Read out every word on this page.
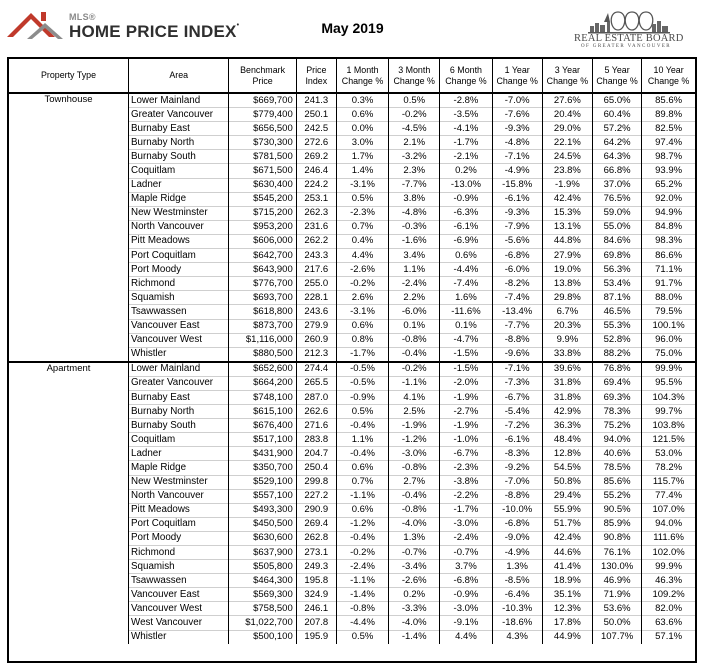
MLS®
HOME PRICE INDEX•	May 2019
REAL ESTATE BOARD
OF GREATER VANCOUVER
Property Type	Area	Benchmark Price	Price Index	1 Month Change %	3 Month Change %	6 Month Change %	1 Year Change %	3 Year Change %	5 Year Change %	10 Year Change %
Townhouse	Lower Mainland	$669,700	241.3	0.3%	0.5%	-2.8%	-7.0%	27.6%	65.0%	85.6%
	Greater Vancouver	$779,400	250.1	0.6%	-0.2%	-3.5%	-7.6%	20.4%	60.4%	89.8%
	Burnaby East	$656,500	242.5	0.0%	-4.5%	-4.1%	-9.3%	29.0%	57.2%	82.5%
	Burnaby North	$730,300	272.6	3.0%	2.1%	-1.7%	-4.8%	22.1%	64.2%	97.4%
	Burnaby South	$781,500	269.2	1.7%	-3.2%	-2.1%	-7.1%	24.5%	64.3%	98.7%
	Coquitlam	$671,500	246.4	1.4%	2.3%	0.2%	-4.9%	23.8%	66.8%	93.9%
	Ladner	$630,400	224.2	-3.1%	-7.7%	-13.0%	-15.8%	-1.9%	37.0%	65.2%
	Maple Ridge	$545,200	253.1	0.5%	3.8%	-0.9%	-6.1%	42.4%	76.5%	92.0%
	New Westminster	$715,200	262.3	-2.3%	-4.8%	-6.3%	-9.3%	15.3%	59.0%	94.9%
	North Vancouver	$953,200	231.6	0.7%	-0.3%	-6.1%	-7.9%	13.1%	55.0%	84.8%
	Pitt Meadows	$606,000	262.2	0.4%	-1.6%	-6.9%	-5.6%	44.8%	84.6%	98.3%
	Port Coquitlam	$642,700	243.3	4.4%	3.4%	0.6%	-6.8%	27.9%	69.8%	86.6%
	Port Moody	$643,900	217.6	-2.6%	1.1%	-4.4%	-6.0%	19.0%	56.3%	71.1%
	Richmond	$776,700	255.0	-0.2%	-2.4%	-7.4%	-8.2%	13.8%	53.4%	91.7%
	Squamish	$693,700	228.1	2.6%	2.2%	1.6%	-7.4%	29.8%	87.1%	88.0%
	Tsawwassen	$618,800	243.6	-3.1%	-6.0%	-11.6%	-13.4%	6.7%	46.5%	79.5%
	Vancouver East	$873,700	279.9	0.6%	0.1%	0.1%	-7.7%	20.3%	55.3%	100.1%
	Vancouver West	$1,116,000	260.9	0.8%	-0.8%	-4.7%	-8.8%	9.9%	52.8%	96.0%
	Whistler	$880,500	212.3	-1.7%	-0.4%	-1.5%	-9.6%	33.8%	88.2%	75.0%
Apartment	Lower Mainland	$652,600	274.4	-0.5%	-0.2%	-1.5%	-7.1%	39.6%	76.8%	99.9%
	Greater Vancouver	$664,200	265.5	-0.5%	-1.1%	-2.0%	-7.3%	31.8%	69.4%	95.5%
	Burnaby East	$748,100	287.0	-0.9%	4.1%	-1.9%	-6.7%	31.8%	69.3%	104.3%
	Burnaby North	$615,100	262.6	0.5%	2.5%	-2.7%	-5.4%	42.9%	78.3%	99.7%
	Burnaby South	$676,400	271.6	-0.4%	-1.9%	-1.9%	-7.2%	36.3%	75.2%	103.8%
	Coquitlam	$517,100	283.8	1.1%	-1.2%	-1.0%	-6.1%	48.4%	94.0%	121.5%
	Ladner	$431,900	204.7	-0.4%	-3.0%	-6.7%	-8.3%	12.8%	40.6%	53.0%
	Maple Ridge	$350,700	250.4	0.6%	-0.8%	-2.3%	-9.2%	54.5%	78.5%	78.2%
	New Westminster	$529,100	299.8	0.7%	2.7%	-3.8%	-7.0%	50.8%	85.6%	115.7%
	North Vancouver	$557,100	227.2	-1.1%	-0.4%	-2.2%	-8.8%	29.4%	55.2%	77.4%
	Pitt Meadows	$493,300	290.9	0.6%	-0.8%	-1.7%	-10.0%	55.9%	90.5%	107.0%
	Port Coquitlam	$450,500	269.4	-1.2%	-4.0%	-3.0%	-6.8%	51.7%	85.9%	94.0%
	Port Moody	$630,600	262.8	-0.4%	1.3%	-2.4%	-9.0%	42.4%	90.8%	111.6%
	Richmond	$637,900	273.1	-0.2%	-0.7%	-0.7%	-4.9%	44.6%	76.1%	102.0%
	Squamish	$505,800	249.3	-2.4%	-3.4%	3.7%	1.3%	41.4%	130.0%	99.9%
	Tsawwassen	$464,300	195.8	-1.1%	-2.6%	-6.8%	-8.5%	18.9%	46.9%	46.3%
	Vancouver East	$569,300	324.9	-1.4%	0.2%	-0.9%	-6.4%	35.1%	71.9%	109.2%
	Vancouver West	$758,500	246.1	-0.8%	-3.3%	-3.0%	-10.3%	12.3%	53.6%	82.0%
	West Vancouver	$1,022,700	207.8	-4.4%	-4.0%	-9.1%	-18.6%	17.8%	50.0%	63.6%
	Whistler	$500,100	195.9	0.5%	-1.4%	4.4%	4.3%	44.9%	107.7%	57.1%
